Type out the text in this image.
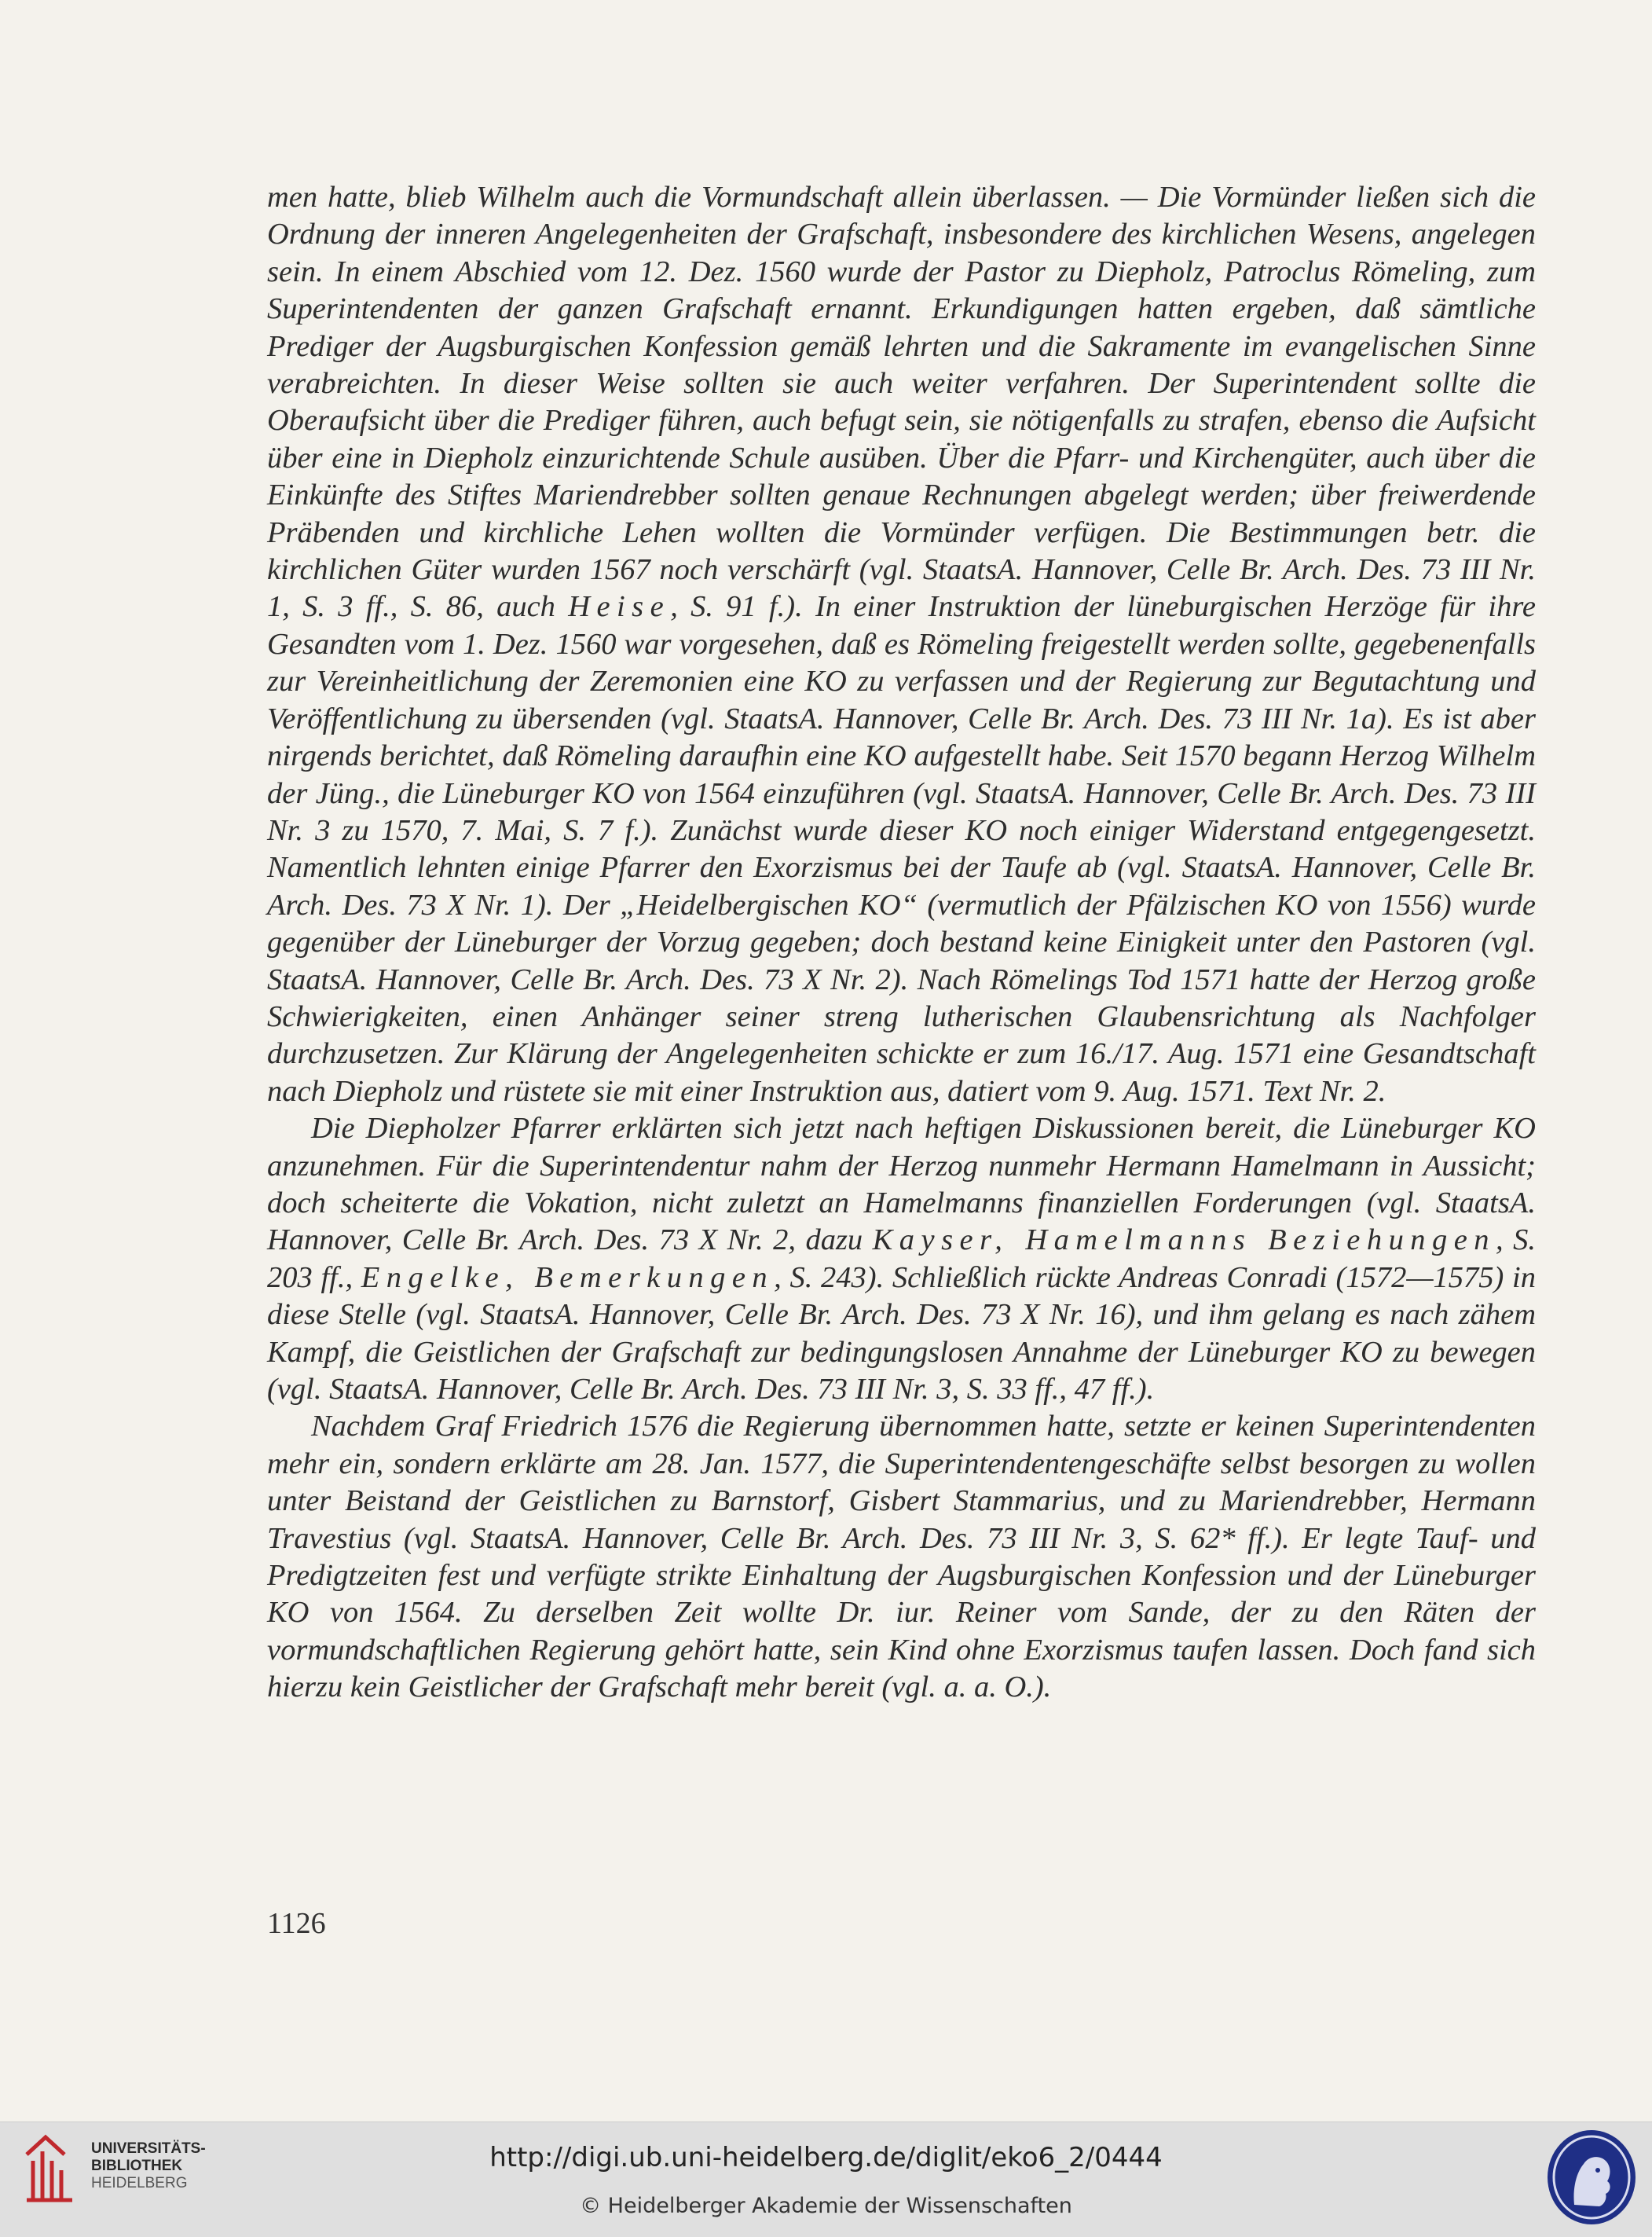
men hatte, blieb Wilhelm auch die Vormundschaft allein überlassen. — Die Vormünder ließen sich die Ordnung der inneren Angelegenheiten der Grafschaft, insbesondere des kirchlichen Wesens, angelegen sein. In einem Abschied vom 12. Dez. 1560 wurde der Pastor zu Diepholz, Patroclus Römeling, zum Superintendenten der ganzen Grafschaft ernannt. Erkundigungen hatten ergeben, daß sämtliche Prediger der Augsburgischen Konfession gemäß lehrten und die Sakramente im evangelischen Sinne verabreichten. In dieser Weise sollten sie auch weiter verfahren. Der Superintendent sollte die Oberaufsicht über die Prediger führen, auch befugt sein, sie nötigenfalls zu strafen, ebenso die Aufsicht über eine in Diepholz einzurichtende Schule ausüben. Über die Pfarr- und Kirchengüter, auch über die Einkünfte des Stiftes Mariendrebber sollten genaue Rechnungen abgelegt werden; über freiwerdende Präbenden und kirchliche Lehen wollten die Vormünder verfügen. Die Bestimmungen betr. die kirchlichen Güter wurden 1567 noch verschärft (vgl. StaatsA. Hannover, Celle Br. Arch. Des. 73 III Nr. 1, S. 3 ff., S. 86, auch Heise, S. 91 f.). In einer Instruktion der lüneburgischen Herzöge für ihre Gesandten vom 1. Dez. 1560 war vorgesehen, daß es Römeling freigestellt werden sollte, gegebenenfalls zur Vereinheitlichung der Zeremonien eine KO zu verfassen und der Regierung zur Begutachtung und Veröffentlichung zu übersenden (vgl. StaatsA. Hannover, Celle Br. Arch. Des. 73 III Nr. 1a). Es ist aber nirgends berichtet, daß Römeling daraufhin eine KO aufgestellt habe. Seit 1570 begann Herzog Wilhelm der Jüng., die Lüneburger KO von 1564 einzuführen (vgl. StaatsA. Hannover, Celle Br. Arch. Des. 73 III Nr. 3 zu 1570, 7. Mai, S. 7 f.). Zunächst wurde dieser KO noch einiger Widerstand entgegengesetzt. Namentlich lehnten einige Pfarrer den Exorzismus bei der Taufe ab (vgl. StaatsA. Hannover, Celle Br. Arch. Des. 73 X Nr. 1). Der „Heidelbergischen KO“ (vermutlich der Pfälzischen KO von 1556) wurde gegenüber der Lüneburger der Vorzug gegeben; doch bestand keine Einigkeit unter den Pastoren (vgl. StaatsA. Hannover, Celle Br. Arch. Des. 73 X Nr. 2). Nach Römelings Tod 1571 hatte der Herzog große Schwierigkeiten, einen Anhänger seiner streng lutherischen Glaubensrichtung als Nachfolger durchzusetzen. Zur Klärung der Angelegenheiten schickte er zum 16./17. Aug. 1571 eine Gesandtschaft nach Diepholz und rüstete sie mit einer Instruktion aus, datiert vom 9. Aug. 1571. Text Nr. 2.

Die Diepholzer Pfarrer erklärten sich jetzt nach heftigen Diskussionen bereit, die Lüneburger KO anzunehmen. Für die Superintendentur nahm der Herzog nunmehr Hermann Hamelmann in Aussicht; doch scheiterte die Vokation, nicht zuletzt an Hamelmanns finanziellen Forderungen (vgl. StaatsA. Hannover, Celle Br. Arch. Des. 73 X Nr. 2, dazu Kayser, Hamelmanns Beziehungen, S. 203 ff., Engelke, Bemerkungen, S. 243). Schließlich rückte Andreas Conradi (1572—1575) in diese Stelle (vgl. StaatsA. Hannover, Celle Br. Arch. Des. 73 X Nr. 16), und ihm gelang es nach zähem Kampf, die Geistlichen der Grafschaft zur bedingungslosen Annahme der Lüneburger KO zu bewegen (vgl. StaatsA. Hannover, Celle Br. Arch. Des. 73 III Nr. 3, S. 33 ff., 47 ff.).

Nachdem Graf Friedrich 1576 die Regierung übernommen hatte, setzte er keinen Superintendenten mehr ein, sondern erklärte am 28. Jan. 1577, die Superintendentengeschäfte selbst besorgen zu wollen unter Beistand der Geistlichen zu Barnstorf, Gisbert Stammarius, und zu Mariendrebber, Hermann Travestius (vgl. StaatsA. Hannover, Celle Br. Arch. Des. 73 III Nr. 3, S. 62* ff.). Er legte Tauf- und Predigtzeiten fest und verfügte strikte Einhaltung der Augsburgischen Konfession und der Lüneburger KO von 1564. Zu derselben Zeit wollte Dr. iur. Reiner vom Sande, der zu den Räten der vormundschaftlichen Regierung gehört hatte, sein Kind ohne Exorzismus taufen lassen. Doch fand sich hierzu kein Geistlicher der Grafschaft mehr bereit (vgl. a. a. O.).

1126
UNIVERSITÄTS-
BIBLIOTHEK
HEIDELBERG
http://digi.ub.uni-heidelberg.de/diglit/eko6_2/0444
© Heidelberger Akademie der Wissenschaften
